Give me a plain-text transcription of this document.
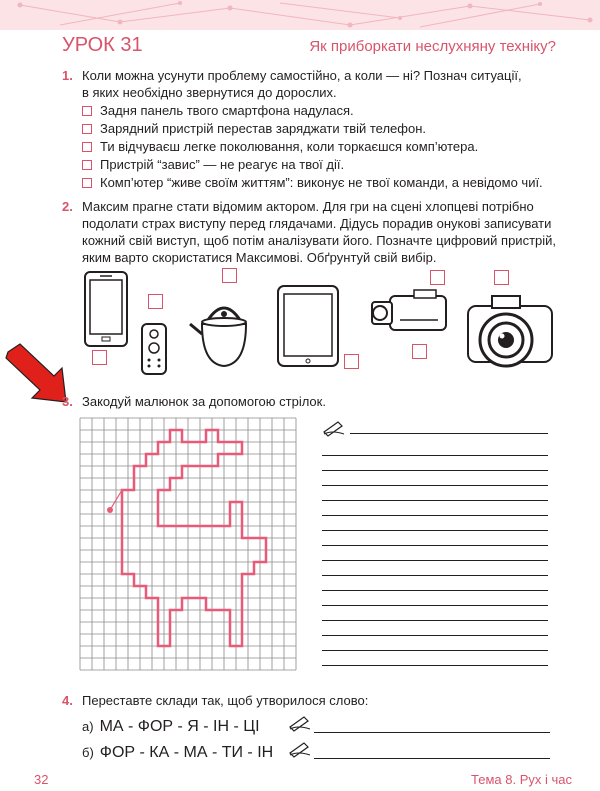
УРОК 31	Як приборкати неслухняну техніку?
1. Коли можна усунути проблему самостійно, а коли — ні? Познач ситуації,
в яких необхідно звернутися до дорослих.
Задня панель твого смартфона надулася.
Зарядний пристрій перестав заряджати твій телефон.
Ти відчуваєш легке поколювання, коли торкаєшся комп’ютера.
Пристрій “завис” — не реагує на твої дії.
Комп’ютер “живе своїм життям”: виконує не твої команди, а невідомо чиї.
2. Максим прагне стати відомим актором. Для гри на сцені хлопцеві потрібно
подолати страх виступу перед глядачами. Дідусь порадив онукові записувати
кожний свій виступ, щоб потім аналізувати його. Позначте цифровий пристрій,
яким варто скористатися Максимові. Обґрунтуй свій вибір.
3. Закодуй малюнок за допомогою стрілок.
4. Переставте склади так, щоб утворилося слово:
а) МА - ФОР - Я - ІН - ЦІ
б) ФОР - КА - МА - ТИ - ІН
32	Тема 8. Рух і час
